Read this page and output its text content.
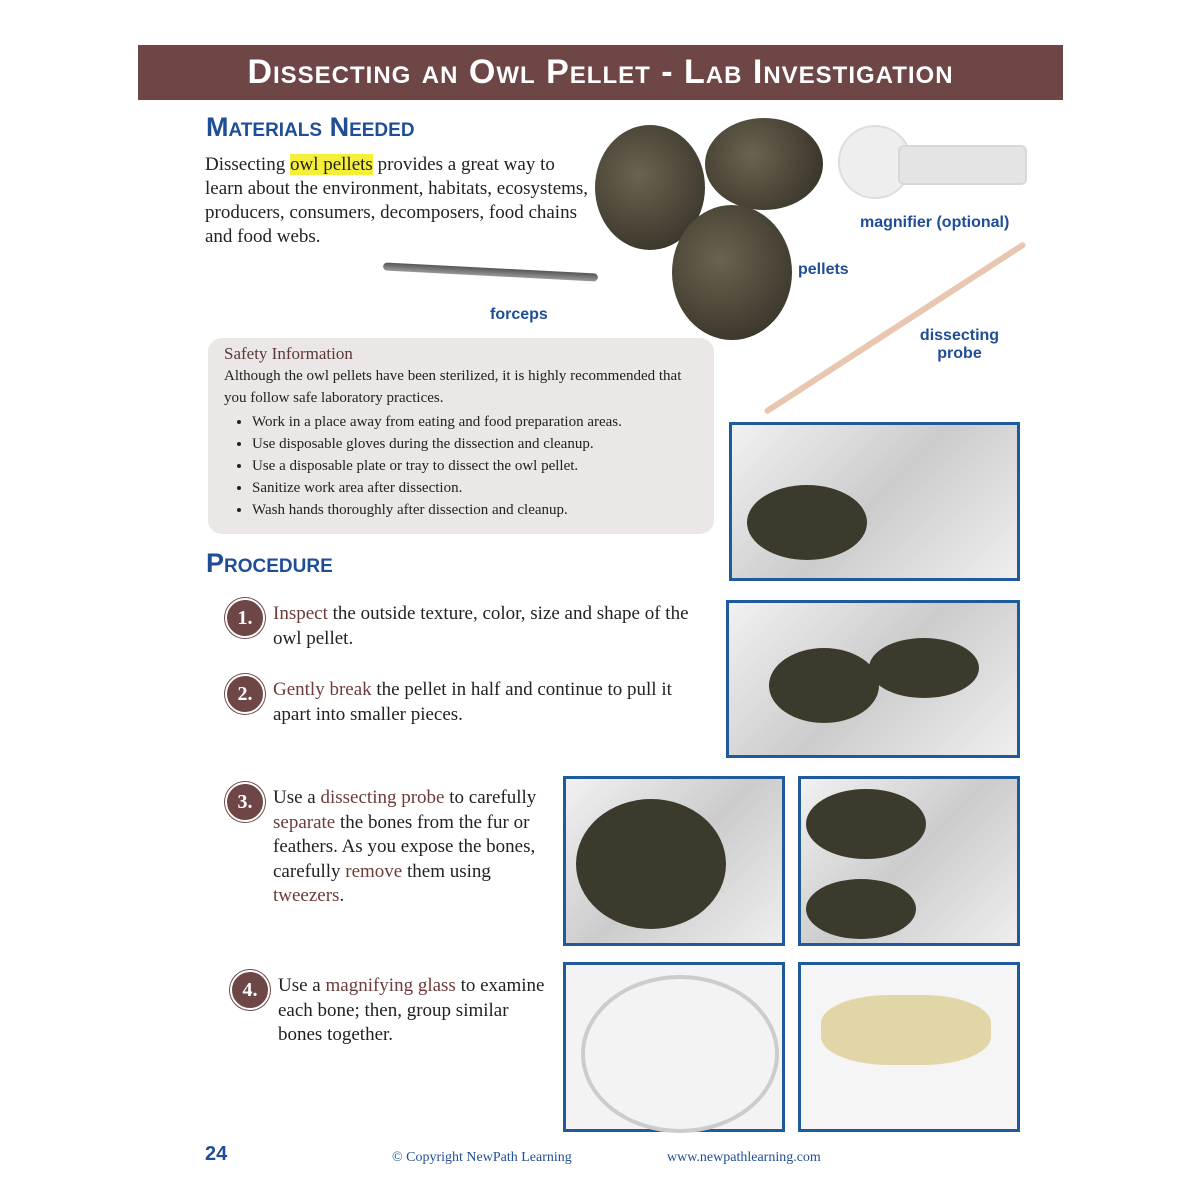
Dissecting an Owl Pellet - Lab Investigation
Materials Needed
Dissecting owl pellets provides a great way to learn about the environment, habitats, ecosystems, producers, consumers, decomposers, food chains and food webs.
magnifier (optional)
pellets
forceps
dissecting probe
Safety Information
Although the owl pellets have been sterilized, it is highly recommended that you follow safe laboratory practices.
• Work in a place away from eating and food preparation areas.
• Use disposable gloves during the dissection and cleanup.
• Use a disposable plate or tray to dissect the owl pellet.
• Sanitize work area after dissection.
• Wash hands thoroughly after dissection and cleanup.
Procedure
1.	Inspect the outside texture, color, size and shape of the owl pellet.
2.	Gently break the pellet in half and continue to pull it apart into smaller pieces.
3.	Use a dissecting probe to carefully separate the bones from the fur or feathers. As you expose the bones, carefully remove them using tweezers.
4.	Use a magnifying glass to examine each bone; then, group similar bones together.
24	© Copyright NewPath Learning	www.newpathlearning.com
